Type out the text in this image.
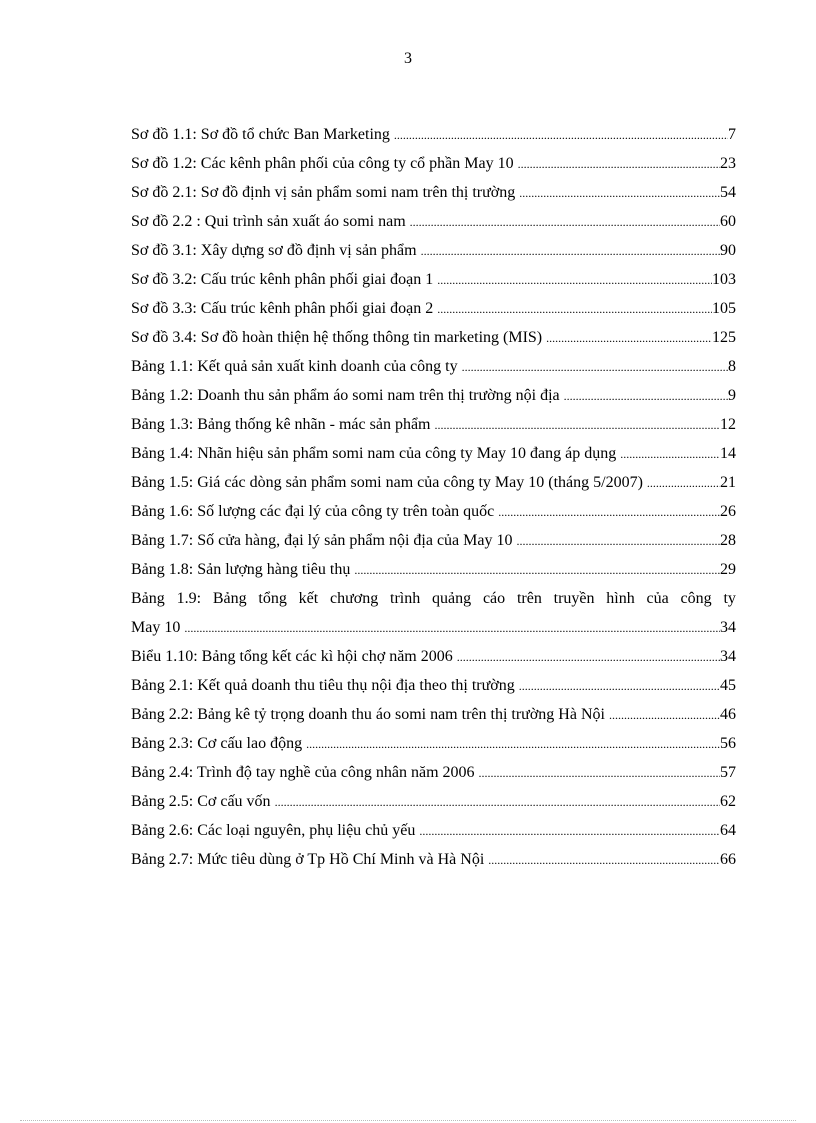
3
Sơ đồ 1.1: Sơ đồ tổ chức Ban Marketing .....	7
Sơ đồ 1.2: Các kênh phân phối của công ty cổ phần May 10 .....	23
Sơ đồ 2.1: Sơ đồ định vị sản phẩm somi nam trên thị trường .....	54
Sơ đồ 2.2 : Qui trình sản xuất áo somi nam .....	60
Sơ đồ 3.1: Xây dựng sơ đồ định vị sản phẩm .....	90
Sơ đồ 3.2: Cấu trúc kênh phân phối giai đoạn 1 .....	103
Sơ đồ 3.3: Cấu trúc kênh phân phối giai đoạn 2 .....	105
Sơ đồ 3.4: Sơ đồ hoàn thiện hệ thống thông tin marketing (MIS) .....	125
Bảng 1.1: Kết quả sản xuất kinh doanh của công ty .....	8
Bảng 1.2: Doanh thu sản phẩm áo somi nam trên thị trường nội địa .....	9
Bảng 1.3: Bảng thống kê nhãn - mác sản phẩm .....	12
Bảng 1.4: Nhãn hiệu sản phẩm somi nam của công ty May 10 đang áp dụng .....	14
Bảng 1.5: Giá các dòng sản phẩm somi nam của công ty May 10 (tháng 5/2007) .....	21
Bảng 1.6: Số lượng các đại lý của công ty trên toàn quốc .....	26
Bảng 1.7: Số cửa hàng, đại lý sản phẩm nội địa của May 10 .....	28
Bảng 1.8: Sản lượng hàng tiêu thụ .....	29
Bảng 1.9: Bảng tổng kết chương trình quảng cáo trên truyền hình của công ty
May 10 .....	34
Biểu 1.10: Bảng tổng kết các kì hội chợ năm 2006 .....	34
Bảng 2.1: Kết quả doanh thu tiêu thụ nội địa theo thị trường .....	45
Bảng 2.2: Bảng kê tỷ trọng doanh thu áo somi nam trên thị trường Hà Nội .....	46
Bảng 2.3: Cơ cấu lao động .....	56
Bảng 2.4: Trình độ tay nghề của công nhân năm 2006 .....	57
Bảng 2.5: Cơ cấu vốn .....	62
Bảng 2.6: Các loại nguyên, phụ liệu chủ yếu .....	64
Bảng 2.7: Mức tiêu dùng ở Tp Hồ Chí Minh và Hà Nội .....	66
